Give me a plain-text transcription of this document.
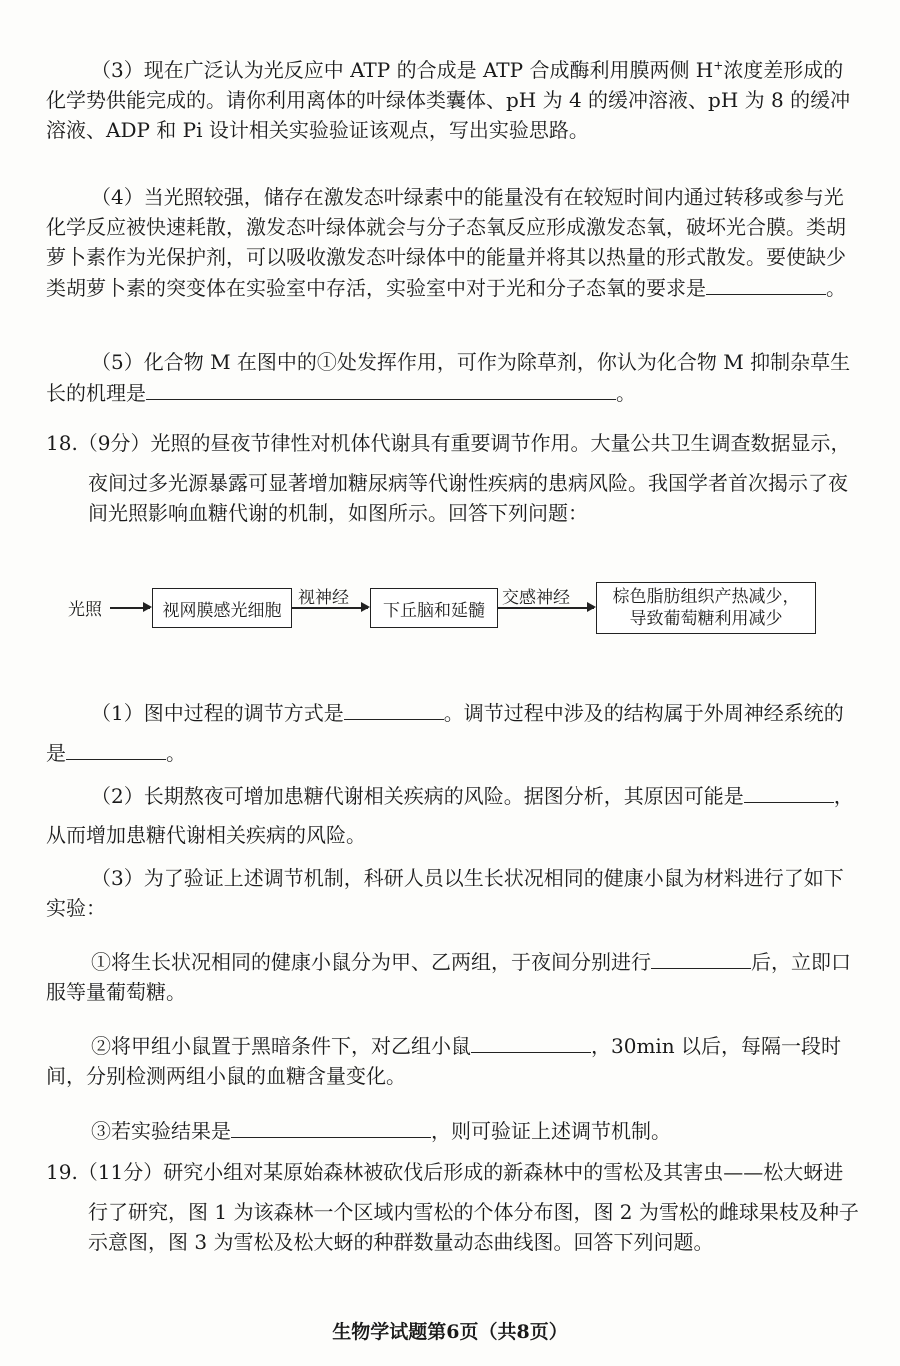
（3）现在广泛认为光反应中 ATP 的合成是 ATP 合成酶利用膜两侧 H+浓度差形成的化学势供能完成的。请你利用离体的叶绿体类囊体、pH 为 4 的缓冲溶液、pH 为 8 的缓冲溶液、ADP 和 Pi 设计相关实验验证该观点，写出实验思路。

（4）当光照较强，储存在激发态叶绿素中的能量没有在较短时间内通过转移或参与光化学反应被快速耗散，激发态叶绿体就会与分子态氧反应形成激发态氧，破坏光合膜。类胡萝卜素作为光保护剂，可以吸收激发态叶绿体中的能量并将其以热量的形式散发。要使缺少类胡萝卜素的突变体在实验室中存活，实验室中对于光和分子态氧的要求是	。

（5）化合物 M 在图中的①处发挥作用，可作为除草剂，你认为化合物 M 抑制杂草生长的机理是	。

18.（9分）光照的昼夜节律性对机体代谢具有重要调节作用。大量公共卫生调查数据显示，

夜间过多光源暴露可显著增加糖尿病等代谢性疾病的患病风险。我国学者首次揭示了夜间光照影响血糖代谢的机制，如图所示。回答下列问题：

光照	视网膜感光细胞
视神经
下丘脑和延髓
交感神经	棕色脂肪组织产热减少，
导致葡萄糖利用减少

（1）图中过程的调节方式是	。调节过程中涉及的结构属于外周神经系统的

是	。

（2）长期熬夜可增加患糖代谢相关疾病的风险。据图分析，其原因可能是	，

从而增加患糖代谢相关疾病的风险。

（3）为了验证上述调节机制，科研人员以生长状况相同的健康小鼠为材料进行了如下实验：

①将生长状况相同的健康小鼠分为甲、乙两组，于夜间分别进行	后，立即口服等量葡萄糖。

②将甲组小鼠置于黑暗条件下，对乙组小鼠	，30min 以后，每隔一段时间，分别检测两组小鼠的血糖含量变化。

③若实验结果是	，则可验证上述调节机制。

19.（11分）研究小组对某原始森林被砍伐后形成的新森林中的雪松及其害虫——松大蚜进

行了研究，图 1 为该森林一个区域内雪松的个体分布图，图 2 为雪松的雌球果枝及种子示意图，图 3 为雪松及松大蚜的种群数量动态曲线图。回答下列问题。

生物学试题第6页（共8页）
